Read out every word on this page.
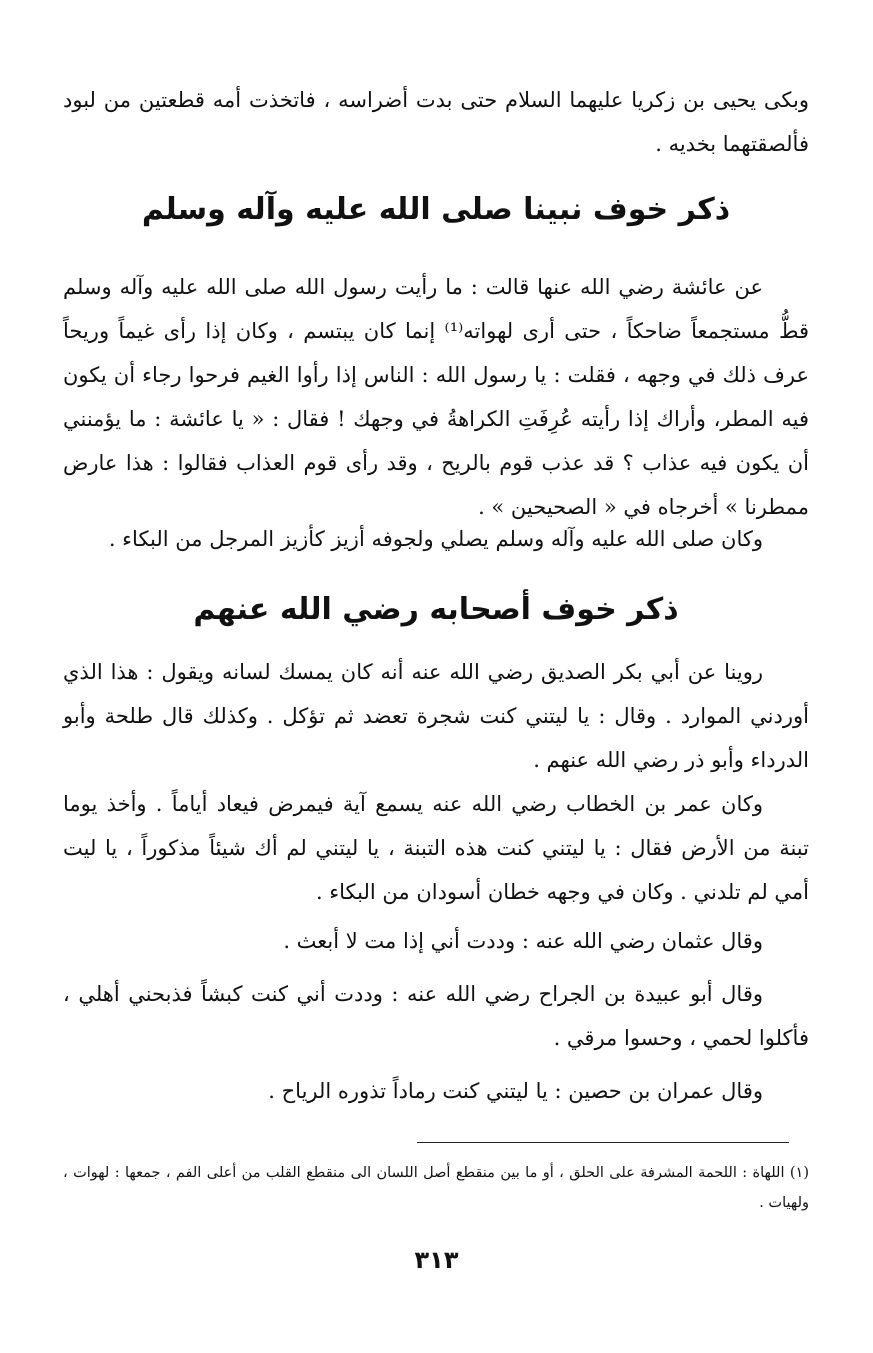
وبكى يحيى بن زكريا عليهما السلام حتى بدت أضراسه ، فاتخذت أمه قطعتين من لبود فألصقتهما بخديه .

ذكر خوف نبينا صلى الله عليه وآله وسلم

عن عائشة رضي الله عنها قالت : ما رأيت رسول الله صلى الله عليه وآله وسلم قطُّ مستجمعاً ضاحكاً ، حتى أرى لهواته⁽¹⁾ إنما كان يبتسم ، وكان إذا رأى غيماً وريحاً عرف ذلك في وجهه ، فقلت : يا رسول الله : الناس إذا رأوا الغيم فرحوا رجاء أن يكون فيه المطر، وأراك إذا رأيته عُرِفَتِ الكراهةُ في وجهك ! فقال : « يا عائشة : ما يؤمنني أن يكون فيه عذاب ؟ قد عذب قوم بالريح ، وقد رأى قوم العذاب فقالوا : هذا عارض ممطرنا » أخرجاه في « الصحيحين » .

وكان صلى الله عليه وآله وسلم يصلي ولجوفه أزيز كأزيز المرجل من البكاء .

ذكر خوف أصحابه رضي الله عنهم

روينا عن أبي بكر الصديق رضي الله عنه أنه كان يمسك لسانه ويقول : هذا الذي أوردني الموارد . وقال : يا ليتني كنت شجرة تعضد ثم تؤكل . وكذلك قال طلحة وأبو الدرداء وأبو ذر رضي الله عنهم .

وكان عمر بن الخطاب رضي الله عنه يسمع آية فيمرض فيعاد أياماً . وأخذ يوما تبنة من الأرض فقال : يا ليتني كنت هذه التبنة ، يا ليتني لم أك شيئاً مذكوراً ، يا ليت أمي لم تلدني . وكان في وجهه خطان أسودان من البكاء .

وقال عثمان رضي الله عنه : وددت أني إذا مت لا أبعث .

وقال أبو عبيدة بن الجراح رضي الله عنه : وددت أني كنت كبشاً فذبحني أهلي ، فأكلوا لحمي ، وحسوا مرقي .

وقال عمران بن حصين : يا ليتني كنت رماداً تذوره الرياح .

(١) اللهاة : اللحمة المشرفة على الحلق ، أو ما بين منقطع أصل اللسان الى منقطع القلب من أعلى الفم ، جمعها : لهوات ، ولهيات .

٣١٣
